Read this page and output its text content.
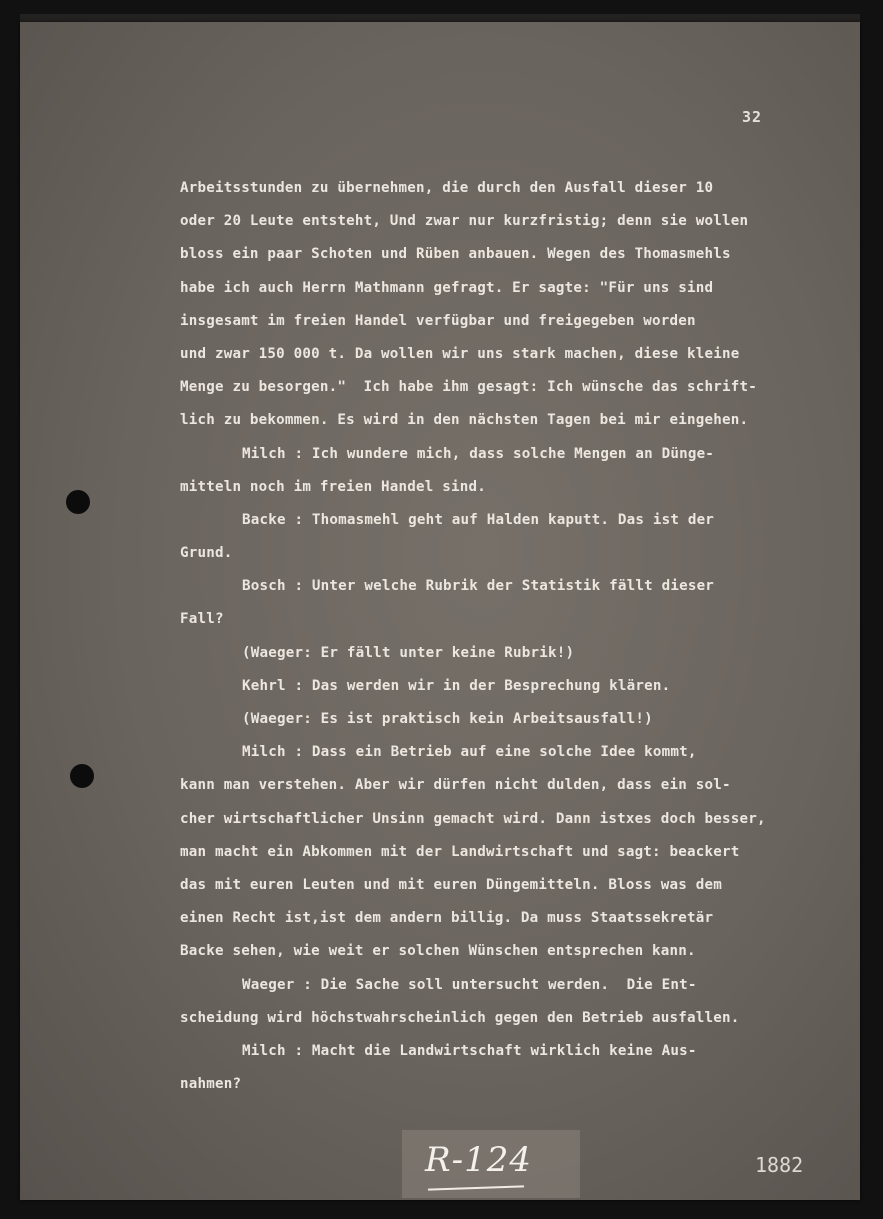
32
Arbeitsstunden zu übernehmen, die durch den Ausfall dieser 10
oder 20 Leute entsteht, Und zwar nur kurzfristig; denn sie wollen
bloss ein paar Schoten und Rüben anbauen. Wegen des Thomasmehls
habe ich auch Herrn Mathmann gefragt. Er sagte: "Für uns sind
insgesamt im freien Handel verfügbar und freigegeben worden
und zwar 150 000 t. Da wollen wir uns stark machen, diese kleine
Menge zu besorgen."  Ich habe ihm gesagt: Ich wünsche das schrift-
lich zu bekommen. Es wird in den nächsten Tagen bei mir eingehen.
Milch : Ich wundere mich, dass solche Mengen an Dünge-
mitteln noch im freien Handel sind.
Backe : Thomasmehl geht auf Halden kaputt. Das ist der
Grund.
Bosch : Unter welche Rubrik der Statistik fällt dieser
Fall?
(Waeger: Er fällt unter keine Rubrik!)
Kehrl : Das werden wir in der Besprechung klären.
(Waeger: Es ist praktisch kein Arbeitsausfall!)
Milch : Dass ein Betrieb auf eine solche Idee kommt,
kann man verstehen. Aber wir dürfen nicht dulden, dass ein sol-
cher wirtschaftlicher Unsinn gemacht wird. Dann istxes doch besser,
man macht ein Abkommen mit der Landwirtschaft und sagt: beackert
das mit euren Leuten und mit euren Düngemitteln. Bloss was dem
einen Recht ist,ist dem andern billig. Da muss Staatssekretär
Backe sehen, wie weit er solchen Wünschen entsprechen kann.
Waeger : Die Sache soll untersucht werden.  Die Ent-
scheidung wird höchstwahrscheinlich gegen den Betrieb ausfallen.
Milch : Macht die Landwirtschaft wirklich keine Aus-
nahmen?
R-124	1882
